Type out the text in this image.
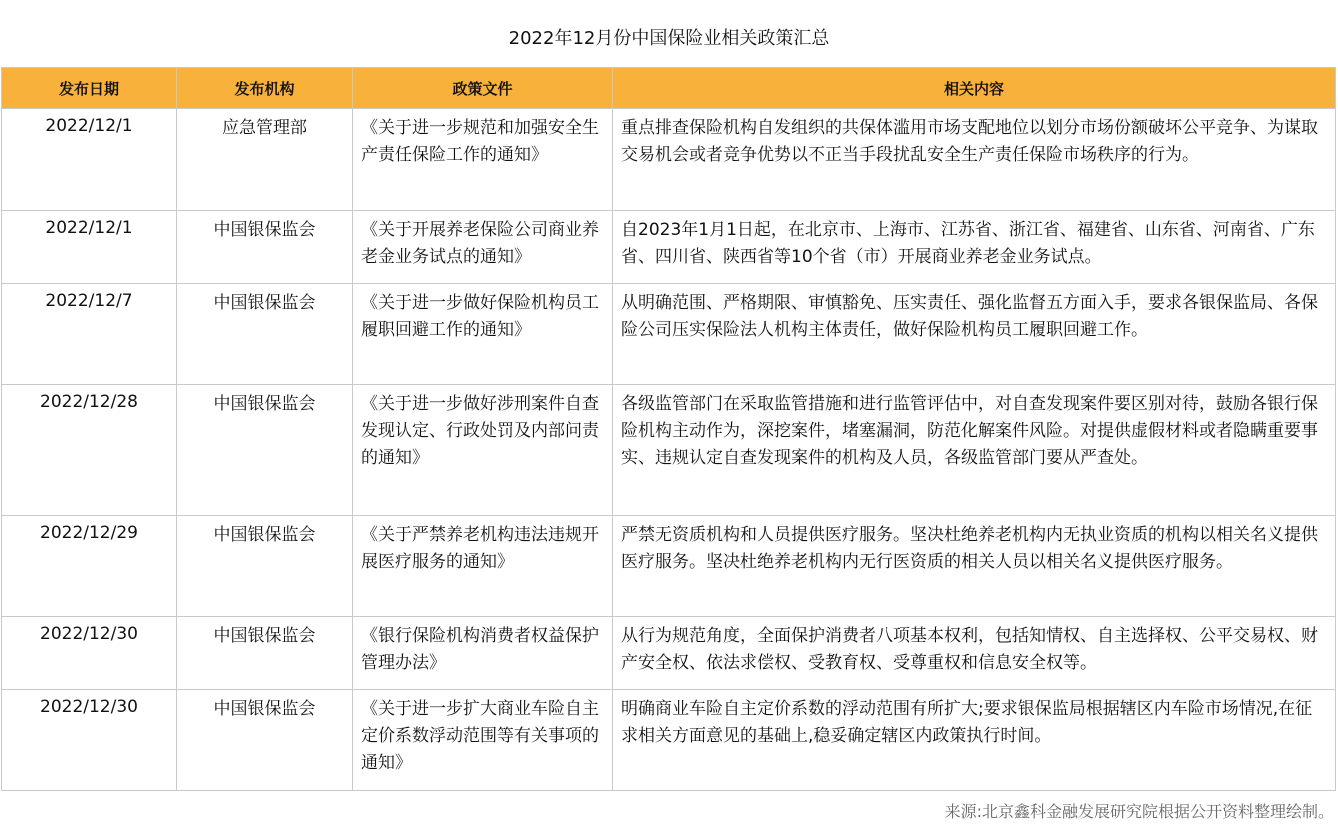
2022年12月份中国保险业相关政策汇总
发布日期	发布机构	政策文件	相关内容
2022/12/1	应急管理部	《关于进一步规范和加强安全生产责任保险工作的通知》	重点排查保险机构自发组织的共保体滥用市场支配地位以划分市场份额破坏公平竞争、为谋取交易机会或者竞争优势以不正当手段扰乱安全生产责任保险市场秩序的行为。
2022/12/1	中国银保监会	《关于开展养老保险公司商业养老金业务试点的通知》	自2023年1月1日起，在北京市、上海市、江苏省、浙江省、福建省、山东省、河南省、广东省、四川省、陕西省等10个省（市）开展商业养老金业务试点。
2022/12/7	中国银保监会	《关于进一步做好保险机构员工履职回避工作的通知》	从明确范围、严格期限、审慎豁免、压实责任、强化监督五方面入手，要求各银保监局、各保险公司压实保险法人机构主体责任，做好保险机构员工履职回避工作。
2022/12/28	中国银保监会	《关于进一步做好涉刑案件自查发现认定、行政处罚及内部问责的通知》	各级监管部门在采取监管措施和进行监管评估中，对自查发现案件要区别对待，鼓励各银行保险机构主动作为，深挖案件，堵塞漏洞，防范化解案件风险。对提供虚假材料或者隐瞒重要事实、违规认定自查发现案件的机构及人员，各级监管部门要从严查处。
2022/12/29	中国银保监会	《关于严禁养老机构违法违规开展医疗服务的通知》	严禁无资质机构和人员提供医疗服务。坚决杜绝养老机构内无执业资质的机构以相关名义提供医疗服务。坚决杜绝养老机构内无行医资质的相关人员以相关名义提供医疗服务。
2022/12/30	中国银保监会	《银行保险机构消费者权益保护管理办法》	从行为规范角度，全面保护消费者八项基本权利，包括知情权、自主选择权、公平交易权、财产安全权、依法求偿权、受教育权、受尊重权和信息安全权等。
2022/12/30	中国银保监会	《关于进一步扩大商业车险自主定价系数浮动范围等有关事项的通知》	明确商业车险自主定价系数的浮动范围有所扩大;要求银保监局根据辖区内车险市场情况,在征求相关方面意见的基础上,稳妥确定辖区内政策执行时间。
来源:北京鑫科金融发展研究院根据公开资料整理绘制。
